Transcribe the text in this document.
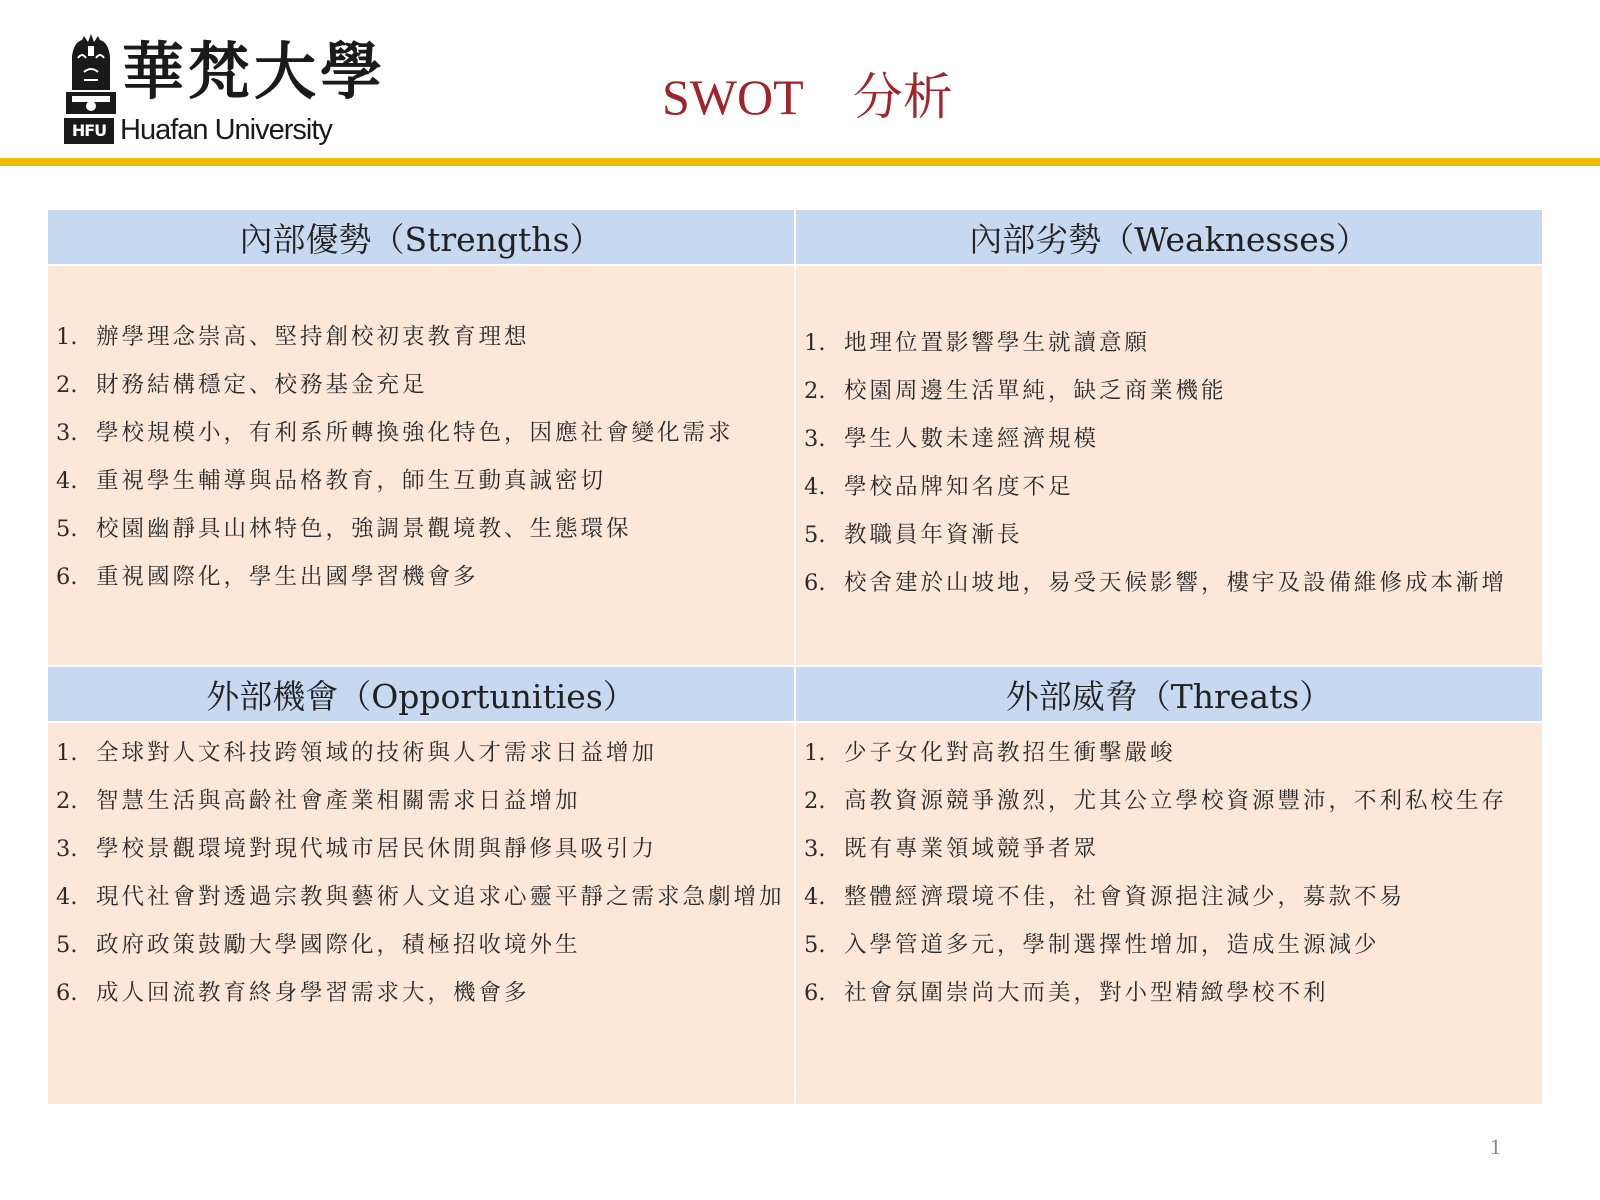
華梵大學
HFU Huafan University
SWOT　分析
內部優勢（Strengths）	內部劣勢（Weaknesses）
1. 辦學理念崇高、堅持創校初衷教育理想
2. 財務結構穩定、校務基金充足
3. 學校規模小，有利系所轉換強化特色，因應社會變化需求
4. 重視學生輔導與品格教育，師生互動真誠密切
5. 校園幽靜具山林特色，強調景觀境教、生態環保
6. 重視國際化，學生出國學習機會多
1. 地理位置影響學生就讀意願
2. 校園周邊生活單純，缺乏商業機能
3. 學生人數未達經濟規模
4. 學校品牌知名度不足
5. 教職員年資漸長
6. 校舍建於山坡地，易受天候影響，樓宇及設備維修成本漸增
外部機會（Opportunities）	外部威脅（Threats）
1. 全球對人文科技跨領域的技術與人才需求日益增加
2. 智慧生活與高齡社會產業相關需求日益增加
3. 學校景觀環境對現代城市居民休閒與靜修具吸引力
4. 現代社會對透過宗教與藝術人文追求心靈平靜之需求急劇增加
5. 政府政策鼓勵大學國際化，積極招收境外生
6. 成人回流教育終身學習需求大，機會多
1. 少子女化對高教招生衝擊嚴峻
2. 高教資源競爭激烈，尤其公立學校資源豐沛，不利私校生存
3. 既有專業領域競爭者眾
4. 整體經濟環境不佳，社會資源挹注減少，募款不易
5. 入學管道多元，學制選擇性增加，造成生源減少
6. 社會氛圍崇尚大而美，對小型精緻學校不利
1
